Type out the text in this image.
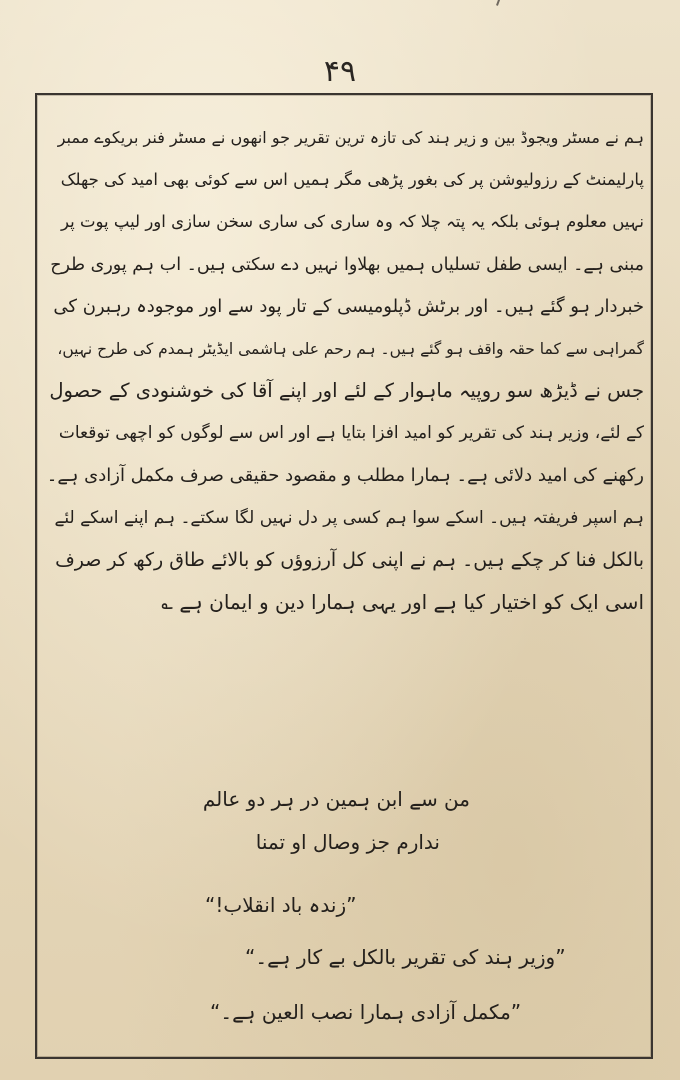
۴۹
ہم نے مسٹر ویجوڈ بین و زیر ہند کی تازہ ترین تقریر جو انھوں نے مسٹر فنر بریکوے ممبر
پارلیمنٹ کے رزولیوشن پر کی بغور پڑھی مگر ہمیں اس سے کوئی بھی امید کی جھلک
نہیں معلوم ہوئی بلکہ یہ پتہ چلا کہ وہ ساری کی ساری سخن سازی اور لیپ پوت پر
مبنی ہے۔ ایسی طفل تسلیاں ہمیں بھلاوا نہیں دے سکتی ہیں۔ اب ہم پوری طرح
خبردار ہو گئے ہیں۔ اور برٹش ڈپلومیسی کے تار پود سے اور موجودہ رہبرن کی
گمراہی سے کما حقہ واقف ہو گئے ہیں۔ ہم رحم علی ہاشمی ایڈیٹر ہمدم کی طرح نہیں،
جس نے ڈیڑھ سو روپیہ ماہوار کے لئے اور اپنے آقا کی خوشنودی کے حصول
کے لئے، وزیر ہند کی تقریر کو امید افزا بتایا ہے اور اس سے لوگوں کو اچھی توقعات
رکھنے کی امید دلائی ہے۔ ہمارا مطلب و مقصود حقیقی صرف مکمل آزادی ہے۔
ہم اسپر فریفتہ ہیں۔ اسکے سوا ہم کسی پر دل نہیں لگا سکتے۔ ہم اپنے اسکے لئے
بالکل فنا کر چکے ہیں۔ ہم نے اپنی کل آرزوؤں کو بالائے طاق رکھ کر صرف
اسی ایک کو اختیار کیا ہے اور یہی ہمارا دین و ایمان ہے ؎
من سے ابن ہمین در ہر دو عالم
ندارم جز وصال او تمنا
”زندہ باد انقلاب!“
”وزیر ہند کی تقریر بالکل بے کار ہے۔“
”مکمل آزادی ہمارا نصب العین ہے۔“
